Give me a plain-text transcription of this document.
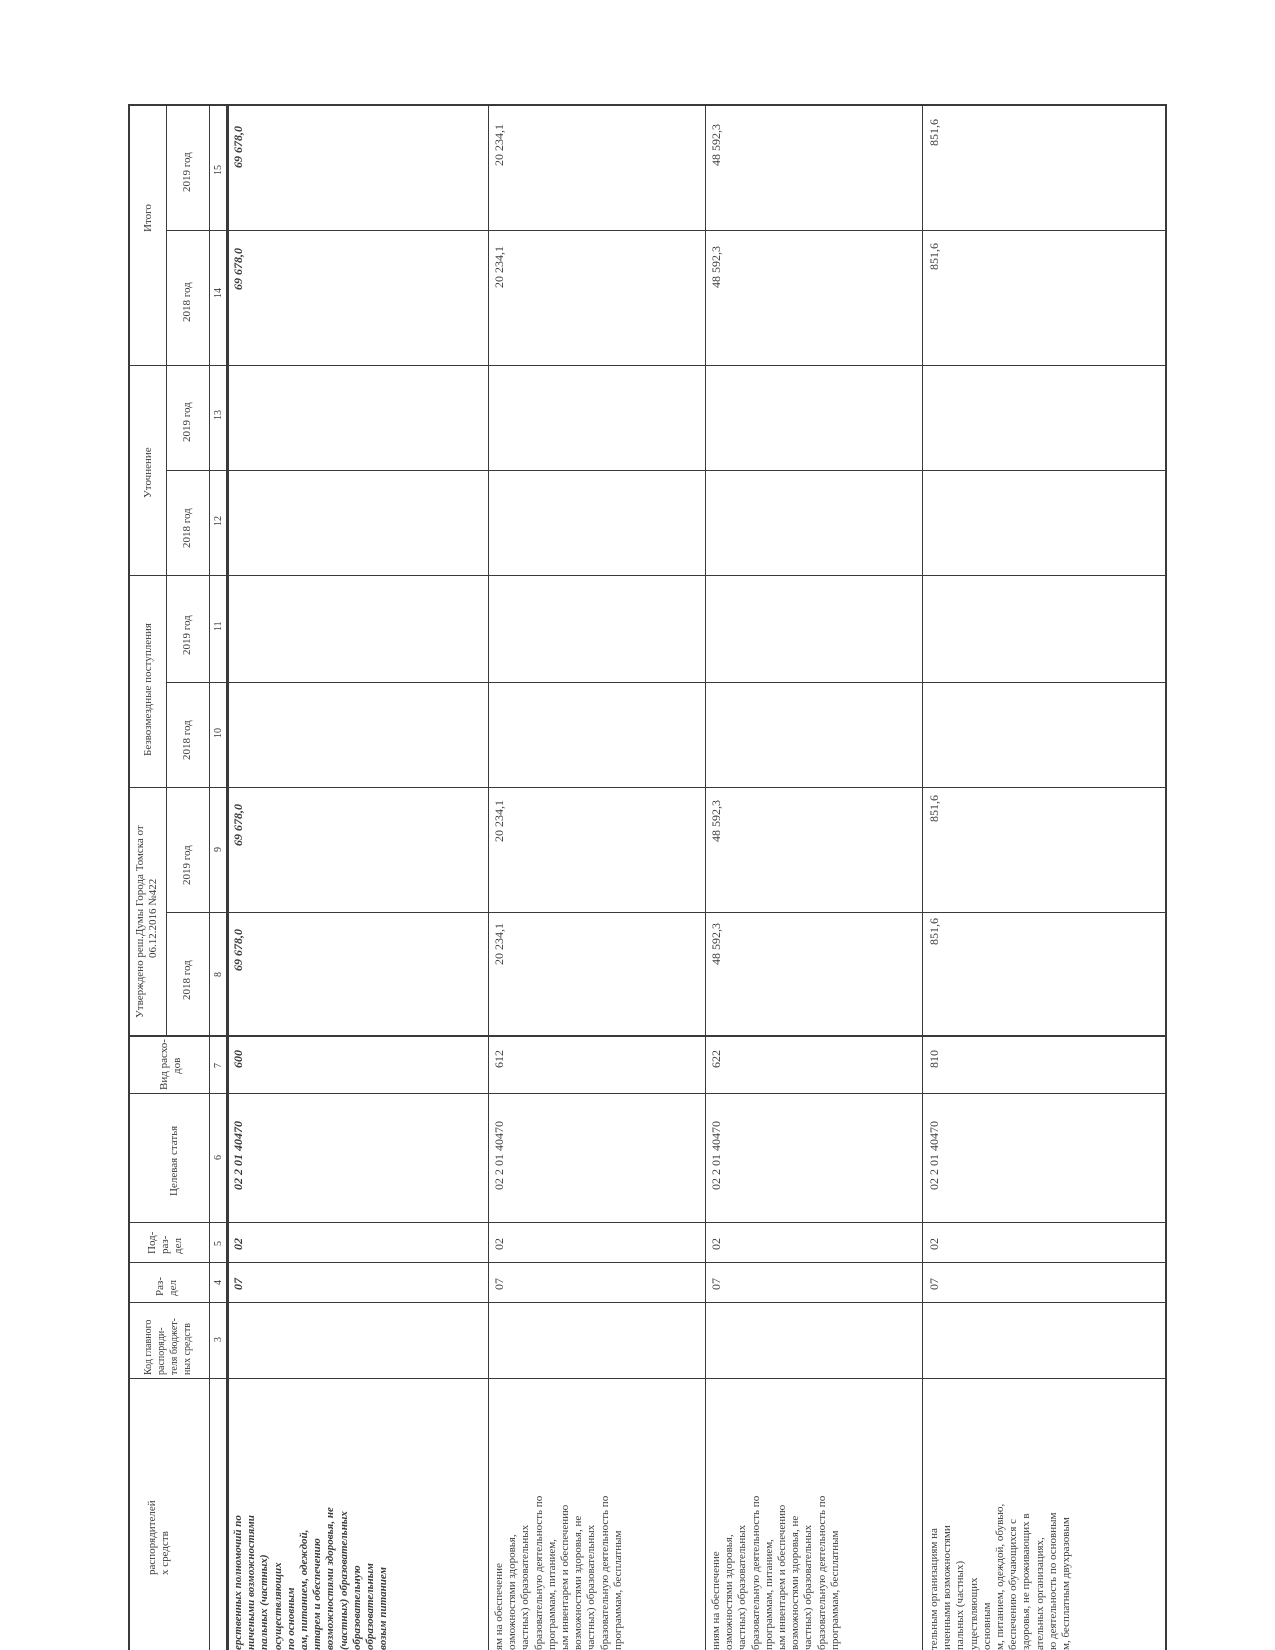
Итого
2018 год
2019 год
Уточнение
2018 год
2019 год
Безвозмездные поступления 2018 год
2019 год
Утверждено реш.Думы Города Томска от 06.12.2016 №422
2018 год
2019 год
Вид расхо- дов
Целевая статья
Под- раз- дел
Раз- дел
Код главного распоряди- теля бюджет- ных средств
распорядителей х средств
15
14
13
12
11
10
9
8
7
6
5
4
3
69 678,0
69 678,0
69 678,0
69 678,0
600
02 2 01 40470
02
07
ерственных полномочий по ничеными возможностями пальных (частных) осуществляющих по основным ам, питанием, одеждой, нтарем и обеспечению возможностями здоровья, не (частных) образовательных образовательную образовательным возым питанием
20 234,1
20 234,1
20 234,1
20 234,1
612
02 2 01 40470
02
07
ям на обеспечение озможностями здоровья, частных) образовательных бразовательную деятельность по программам, питанием, ым инвентарем и обеспечению возможностями здоровья, не частных) образовательных бразовательную деятельность по программам, бесплатным
48 592,3
48 592,3
48 592,3
48 592,3
622
02 2 01 40470
02
07
ниям на обеспечение озможностями здоровья, частных) образовательных бразовательную деятельность по программам, питанием, ым инвентарем и обеспечению возможностями здоровья, не частных) образовательных бразовательную деятельность по программам, бесплатным
851,6
851,6
851,6
851,6
810
02 2 01 40470
02
07
тельным организациям на иченными возможностями пальных (частных) уществляющих основным м, питанием, одеждой, обувью, беспечению обучающихся с здоровья, не проживающих в ательных организациях, ю деятельность по основным м, бесплатным двухразовым
